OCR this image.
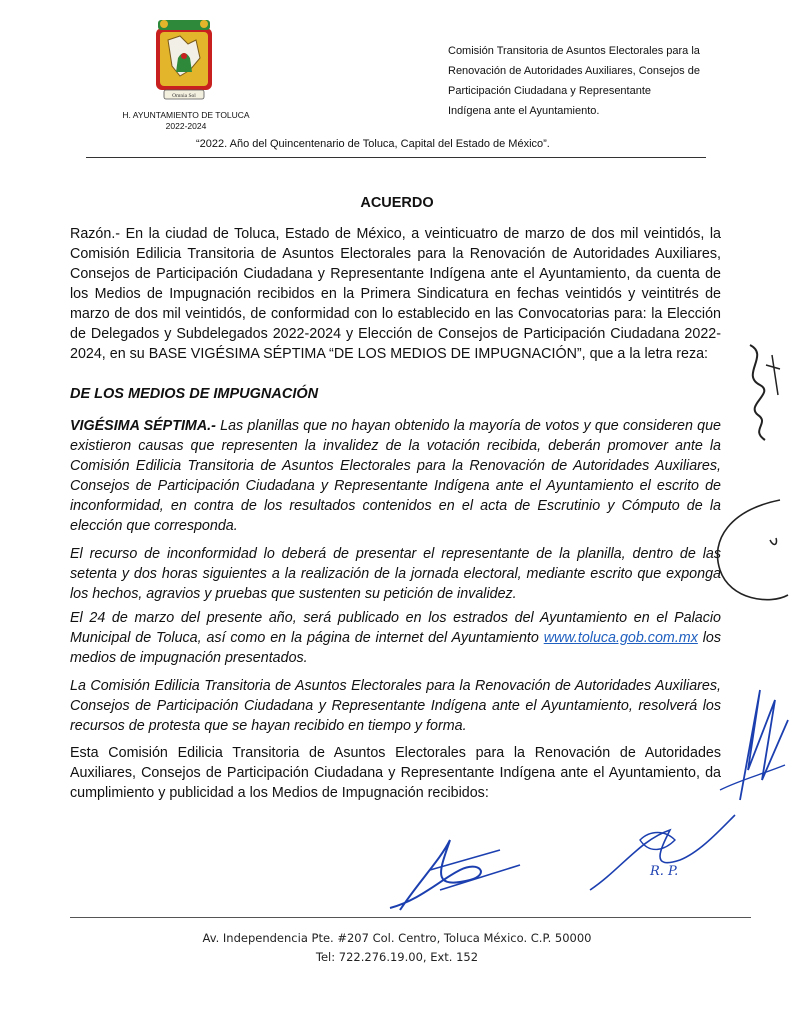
Omnia Sol
H. AYUNTAMIENTO DE TOLUCA
2022-2024
Comisión Transitoria de Asuntos Electorales para la
Renovación de Autoridades Auxiliares, Consejos de
Participación Ciudadana y Representante
Indígena ante el Ayuntamiento.
“2022. Año del Quincentenario de Toluca, Capital del Estado de México”.
ACUERDO
Razón.- En la ciudad de Toluca, Estado de México, a veinticuatro de marzo de dos mil veintidós, la Comisión Edilicia Transitoria de Asuntos Electorales para la Renovación de Autoridades Auxiliares, Consejos de Participación Ciudadana y Representante Indígena ante el Ayuntamiento, da cuenta de los Medios de Impugnación recibidos en la Primera Sindicatura en fechas veintidós y veintitrés de marzo de dos mil veintidós, de conformidad con lo establecido en las Convocatorias para: la Elección de Delegados y Subdelegados 2022-2024 y Elección de Consejos de Participación Ciudadana 2022-2024, en su BASE VIGÉSIMA SÉPTIMA “DE LOS MEDIOS DE IMPUGNACIÓN”, que a la letra reza:
DE LOS MEDIOS DE IMPUGNACIÓN
VIGÉSIMA SÉPTIMA.- Las planillas que no hayan obtenido la mayoría de votos y que consideren que existieron causas que representen la invalidez de la votación recibida, deberán promover ante la Comisión Edilicia Transitoria de Asuntos Electorales para la Renovación de Autoridades Auxiliares, Consejos de Participación Ciudadana y Representante Indígena ante el Ayuntamiento el escrito de inconformidad, en contra de los resultados contenidos en el acta de Escrutinio y Cómputo de la elección que corresponda.
El recurso de inconformidad lo deberá de presentar el representante de la planilla, dentro de las setenta y dos horas siguientes a la realización de la jornada electoral, mediante escrito que exponga los hechos, agravios y pruebas que sustenten su petición de invalidez.
El 24 de marzo del presente año, será publicado en los estrados del Ayuntamiento en el Palacio Municipal de Toluca, así como en la página de internet del Ayuntamiento www.toluca.gob.com.mx los medios de impugnación presentados.
La Comisión Edilicia Transitoria de Asuntos Electorales para la Renovación de Autoridades Auxiliares, Consejos de Participación Ciudadana y Representante Indígena ante el Ayuntamiento, resolverá los recursos de protesta que se hayan recibido en tiempo y forma.
Esta Comisión Edilicia Transitoria de Asuntos Electorales para la Renovación de Autoridades Auxiliares, Consejos de Participación Ciudadana y Representante Indígena ante el Ayuntamiento, da cumplimiento y publicidad a los Medios de Impugnación recibidos:
R. P.
Av. Independencia Pte. #207 Col. Centro, Toluca México. C.P. 50000
Tel: 722.276.19.00, Ext. 152
